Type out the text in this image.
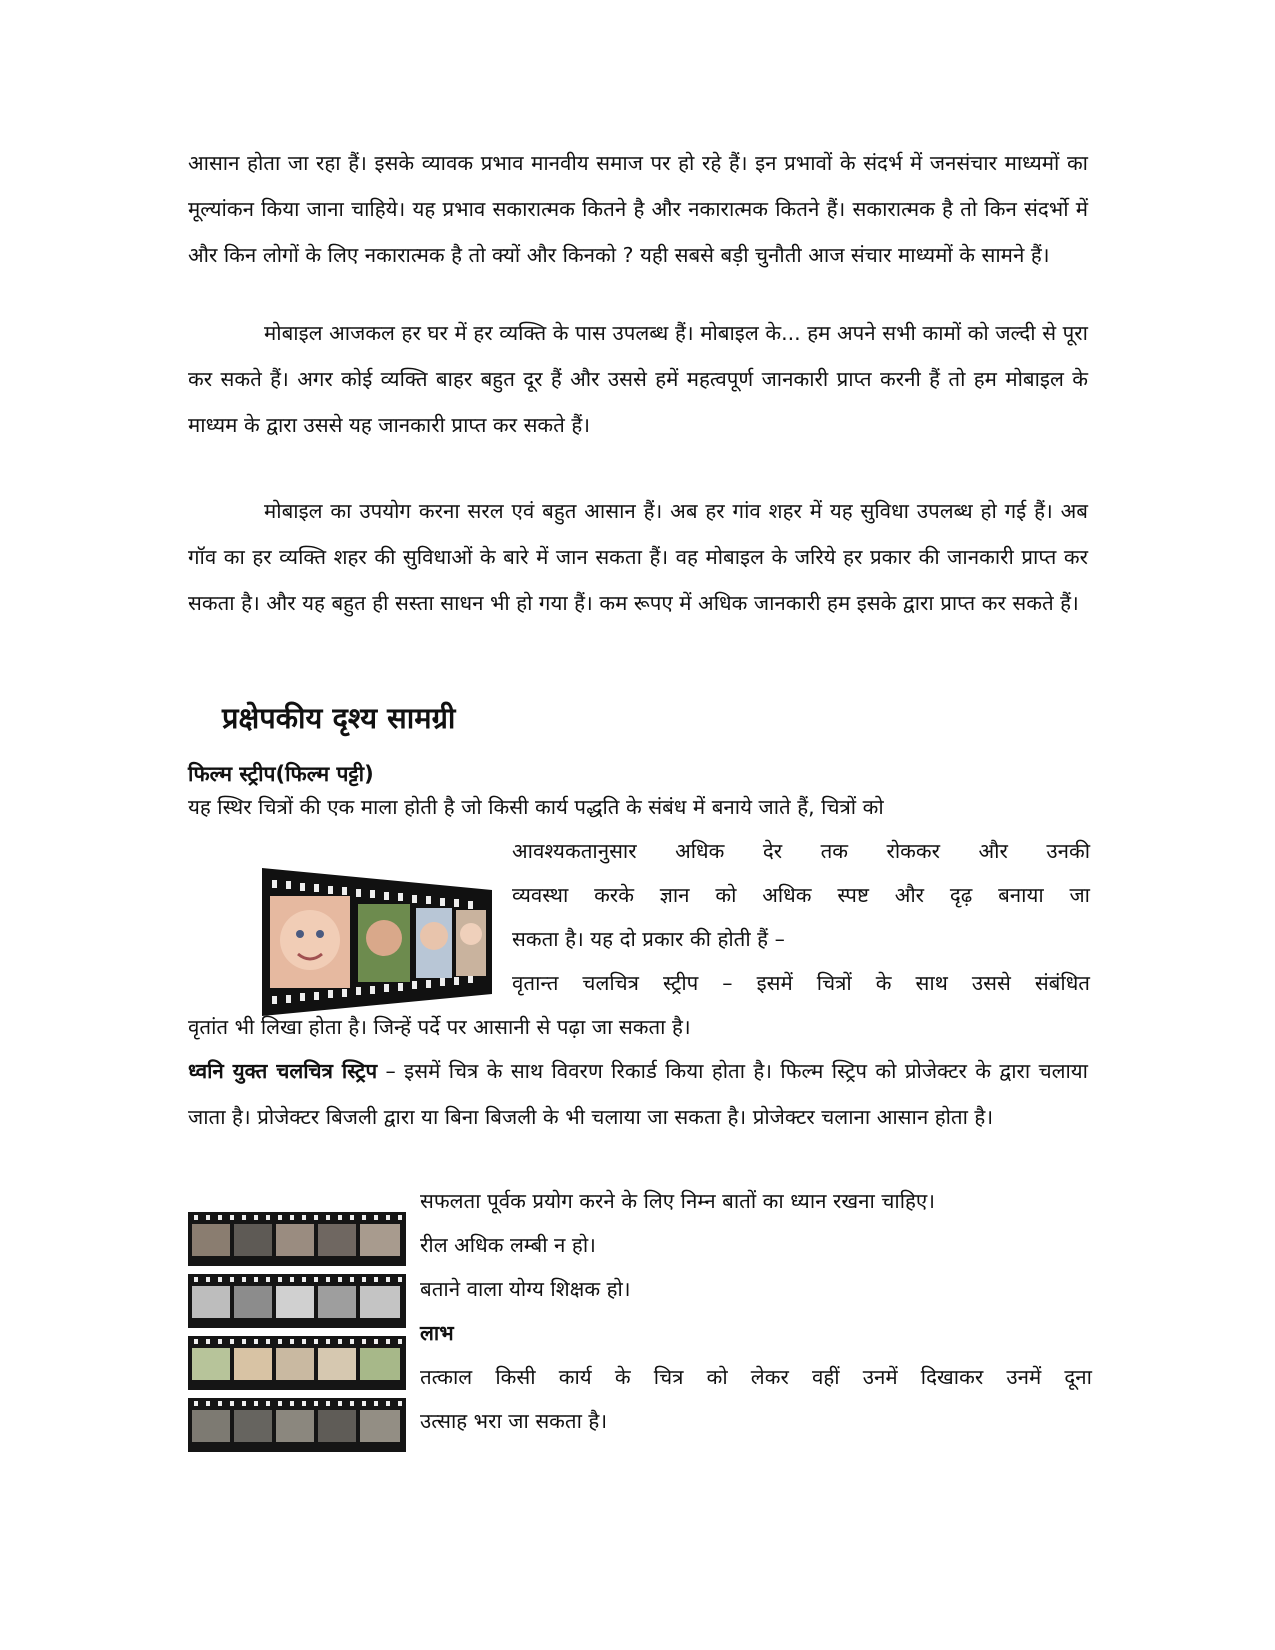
आसान होता जा रहा हैं। इसके व्यावक प्रभाव मानवीय समाज पर हो रहे हैं। इन प्रभावों के संदर्भ में जनसंचार माध्यमों का मूल्यांकन किया जाना चाहिये। यह प्रभाव सकारात्मक कितने है और नकारात्मक कितने हैं। सकारात्मक है तो किन संदर्भो में और किन लोगों के लिए नकारात्मक है तो क्यों और किनको ? यही सबसे बड़ी चुनौती आज संचार माध्यमों के सामने हैं।

मोबाइल आजकल हर घर में हर व्यक्ति के पास उपलब्ध हैं। मोबाइल के... हम अपने सभी कामों को जल्दी से पूरा कर सकते हैं। अगर कोई व्यक्ति बाहर बहुत दूर हैं और उससे हमें महत्वपूर्ण जानकारी प्राप्त करनी हैं तो हम मोबाइल के माध्यम के द्वारा उससे यह जानकारी प्राप्त कर सकते हैं।

मोबाइल का उपयोग करना सरल एवं बहुत आसान हैं। अब हर गांव शहर में यह सुविधा उपलब्ध हो गई हैं। अब गॉव का हर व्यक्ति शहर की सुविधाओं के बारे में जान सकता हैं। वह मोबाइल के जरिये हर प्रकार की जानकारी प्राप्त कर सकता है। और यह बहुत ही सस्ता साधन भी हो गया हैं। कम रूपए में अधिक जानकारी हम इसके द्वारा प्राप्त कर सकते हैं।

प्रक्षेपकीय दृश्य सामग्री
फिल्म स्ट्रीप(फिल्म पट्टी)

यह स्थिर चित्रों की एक माला होती है जो किसी कार्य पद्धति के संबंध में बनाये जाते हैं, चित्रों को

आवश्यकतानुसार अधिक देर तक रोककर और उनकी

व्यवस्था करके ज्ञान को अधिक स्पष्ट और दृढ़ बनाया जा

सकता है। यह दो प्रकार की होती हैं –

वृतान्त चलचित्र स्ट्रीप – इसमें चित्रों के साथ उससे संबंधित

वृतांत भी लिखा होता है। जिन्हें पर्दे पर आसानी से पढ़ा जा सकता है।

ध्वनि युक्त चलचित्र स्ट्रिप – इसमें चित्र के साथ विवरण रिकार्ड किया होता है। फिल्म स्ट्रिप को प्रोजेक्टर के द्वारा चलाया जाता है। प्रोजेक्टर बिजली द्वारा या बिना बिजली के भी चलाया जा सकता है। प्रोजेक्टर चलाना आसान होता है।

सफलता पूर्वक प्रयोग करने के लिए निम्न बातों का ध्यान रखना चाहिए।

रील अधिक लम्बी न हो।

बताने वाला योग्य शिक्षक हो।

लाभ

तत्काल किसी कार्य के चित्र को लेकर वहीं उनमें दिखाकर उनमें दूना

उत्साह भरा जा सकता है।
